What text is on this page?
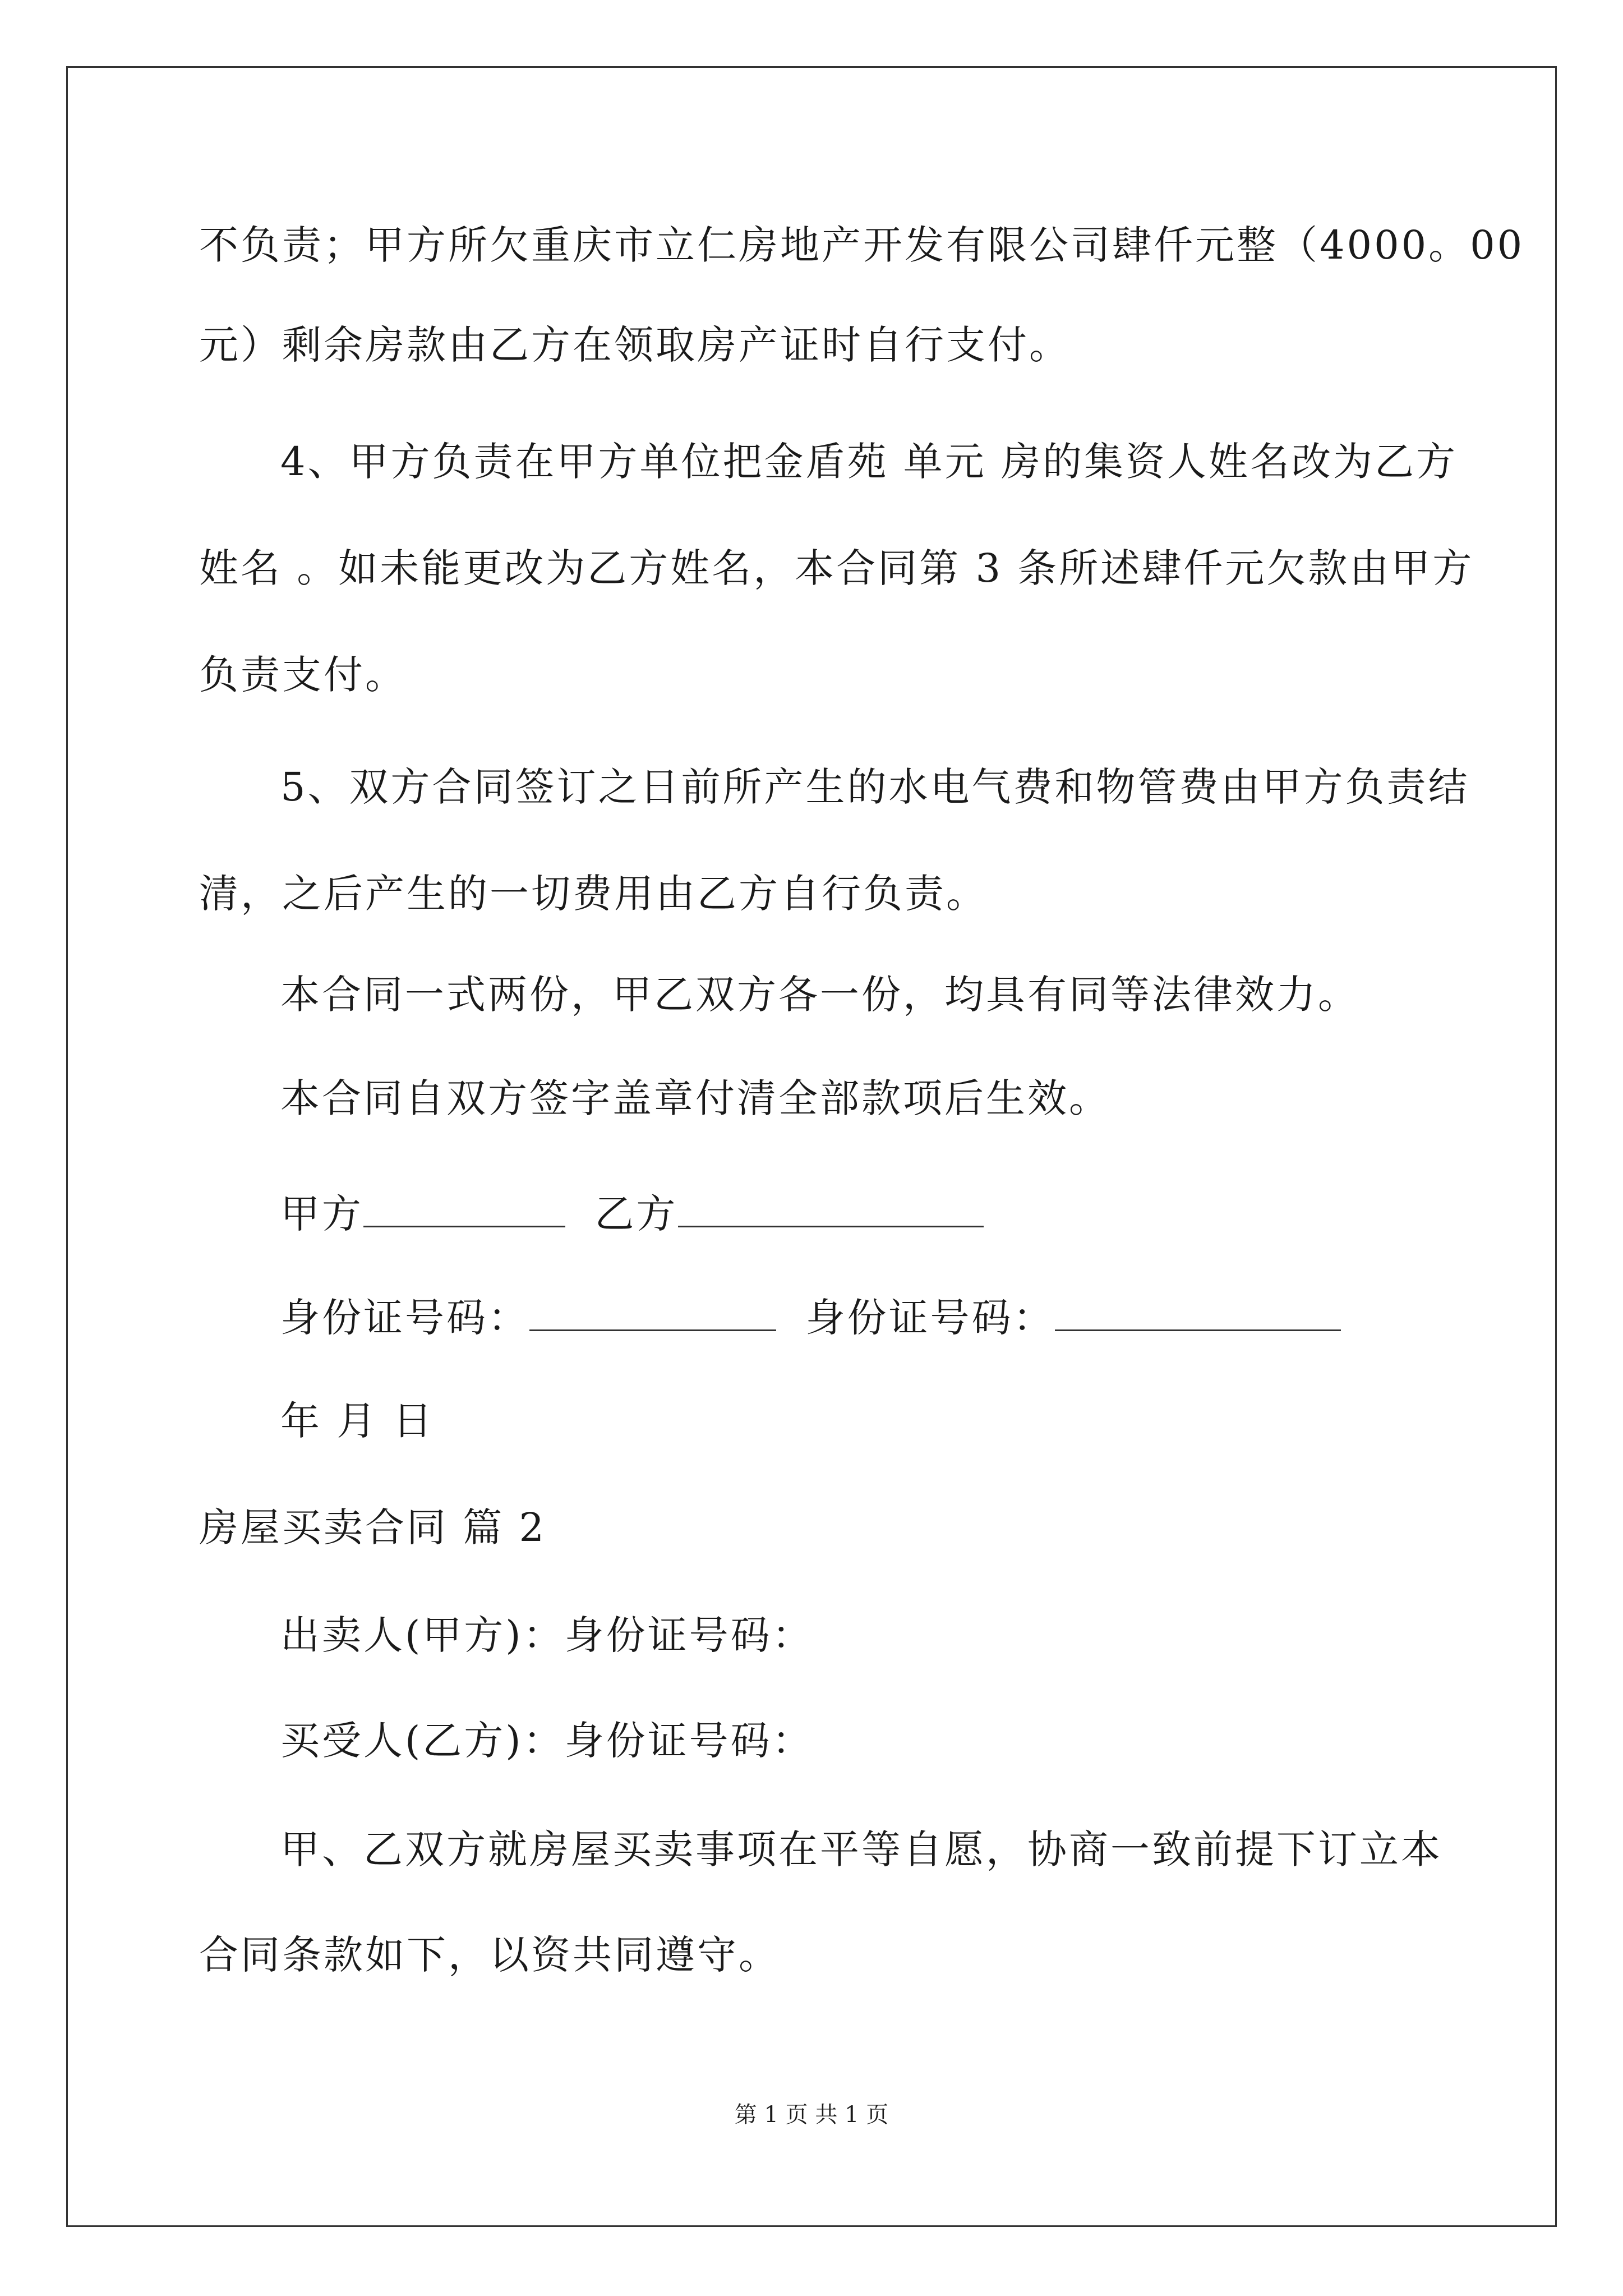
不负责；甲方所欠重庆市立仁房地产开发有限公司肆仟元整（4000。00
元）剩余房款由乙方在领取房产证时自行支付。
4、甲方负责在甲方单位把金盾苑 单元 房的集资人姓名改为乙方
姓名 。如未能更改为乙方姓名，本合同第 3 条所述肆仟元欠款由甲方
负责支付。
5、双方合同签订之日前所产生的水电气费和物管费由甲方负责结
清，之后产生的一切费用由乙方自行负责。
本合同一式两份，甲乙双方各一份，均具有同等法律效力。
本合同自双方签字盖章付清全部款项后生效。
甲方	乙方
身份证号码：	身份证号码：
年 月 日
房屋买卖合同 篇 2
出卖人(甲方)：身份证号码：
买受人(乙方)：身份证号码：
甲、乙双方就房屋买卖事项在平等自愿，协商一致前提下订立本
合同条款如下，以资共同遵守。
第 1 页 共 1 页
